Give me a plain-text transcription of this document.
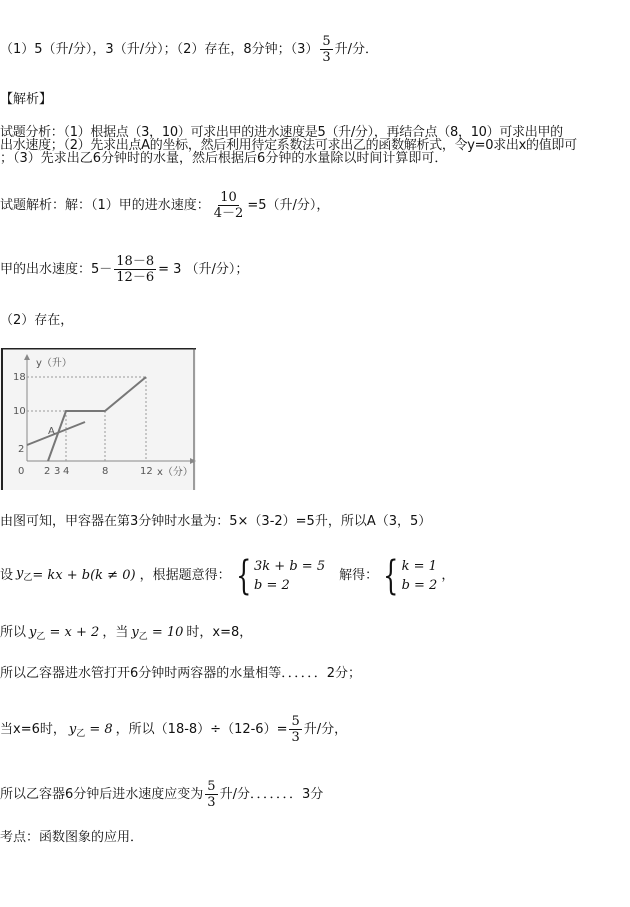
（1）5（升/分），3（升/分）；（2）存在，8分钟；$(3) \frac{5}{3}$ 升/分．
【解析】
试题分析：（1）根据点（3，10）可求出甲的进水速度是5（升/分），再结合点（8，10）可求出甲的
出水速度；（2）先求出点A的坐标，然后利用待定系数法可求出乙的函数解析式，令y=0求出x的值即可
；（3）先求出乙6分钟时的水量，然后根据后6分钟的水量除以时间计算即可．
试题解析：解：（1）甲的进水速度： $\frac{10}{4-2} =5$（升/分），
甲的出水速度：$5- \frac{18-8}{12-6} = 3$ （升/分）；
（2）存在，
y（升）
x（分）
0
18
10
2
2 3 4	8	12
A
由图可知，甲容器在第3分钟时水量为：5×（3-2）=5升，所以A（3，5）
设 $y_乙$ = kx + b(k ≠ 0) ，根据题意得： { 3k + b = 5
b = 2
解得： { k = 1
b = 2
，
所以 $y_乙 = x + 2$ ，当 $y_乙 = 10$ 时，x=8，
所以乙容器进水管打开6分钟时两容器的水量相等．．．．．．2分；
当x=6时， $y_乙 = 8$ ，所以$(18-8)\div(12-6)= \frac{5}{3}$ 升/分，
所以乙容器6分钟后进水速度应变为 $\frac{5}{3}$ 升/分．．．．．．．3分
考点：函数图象的应用．
